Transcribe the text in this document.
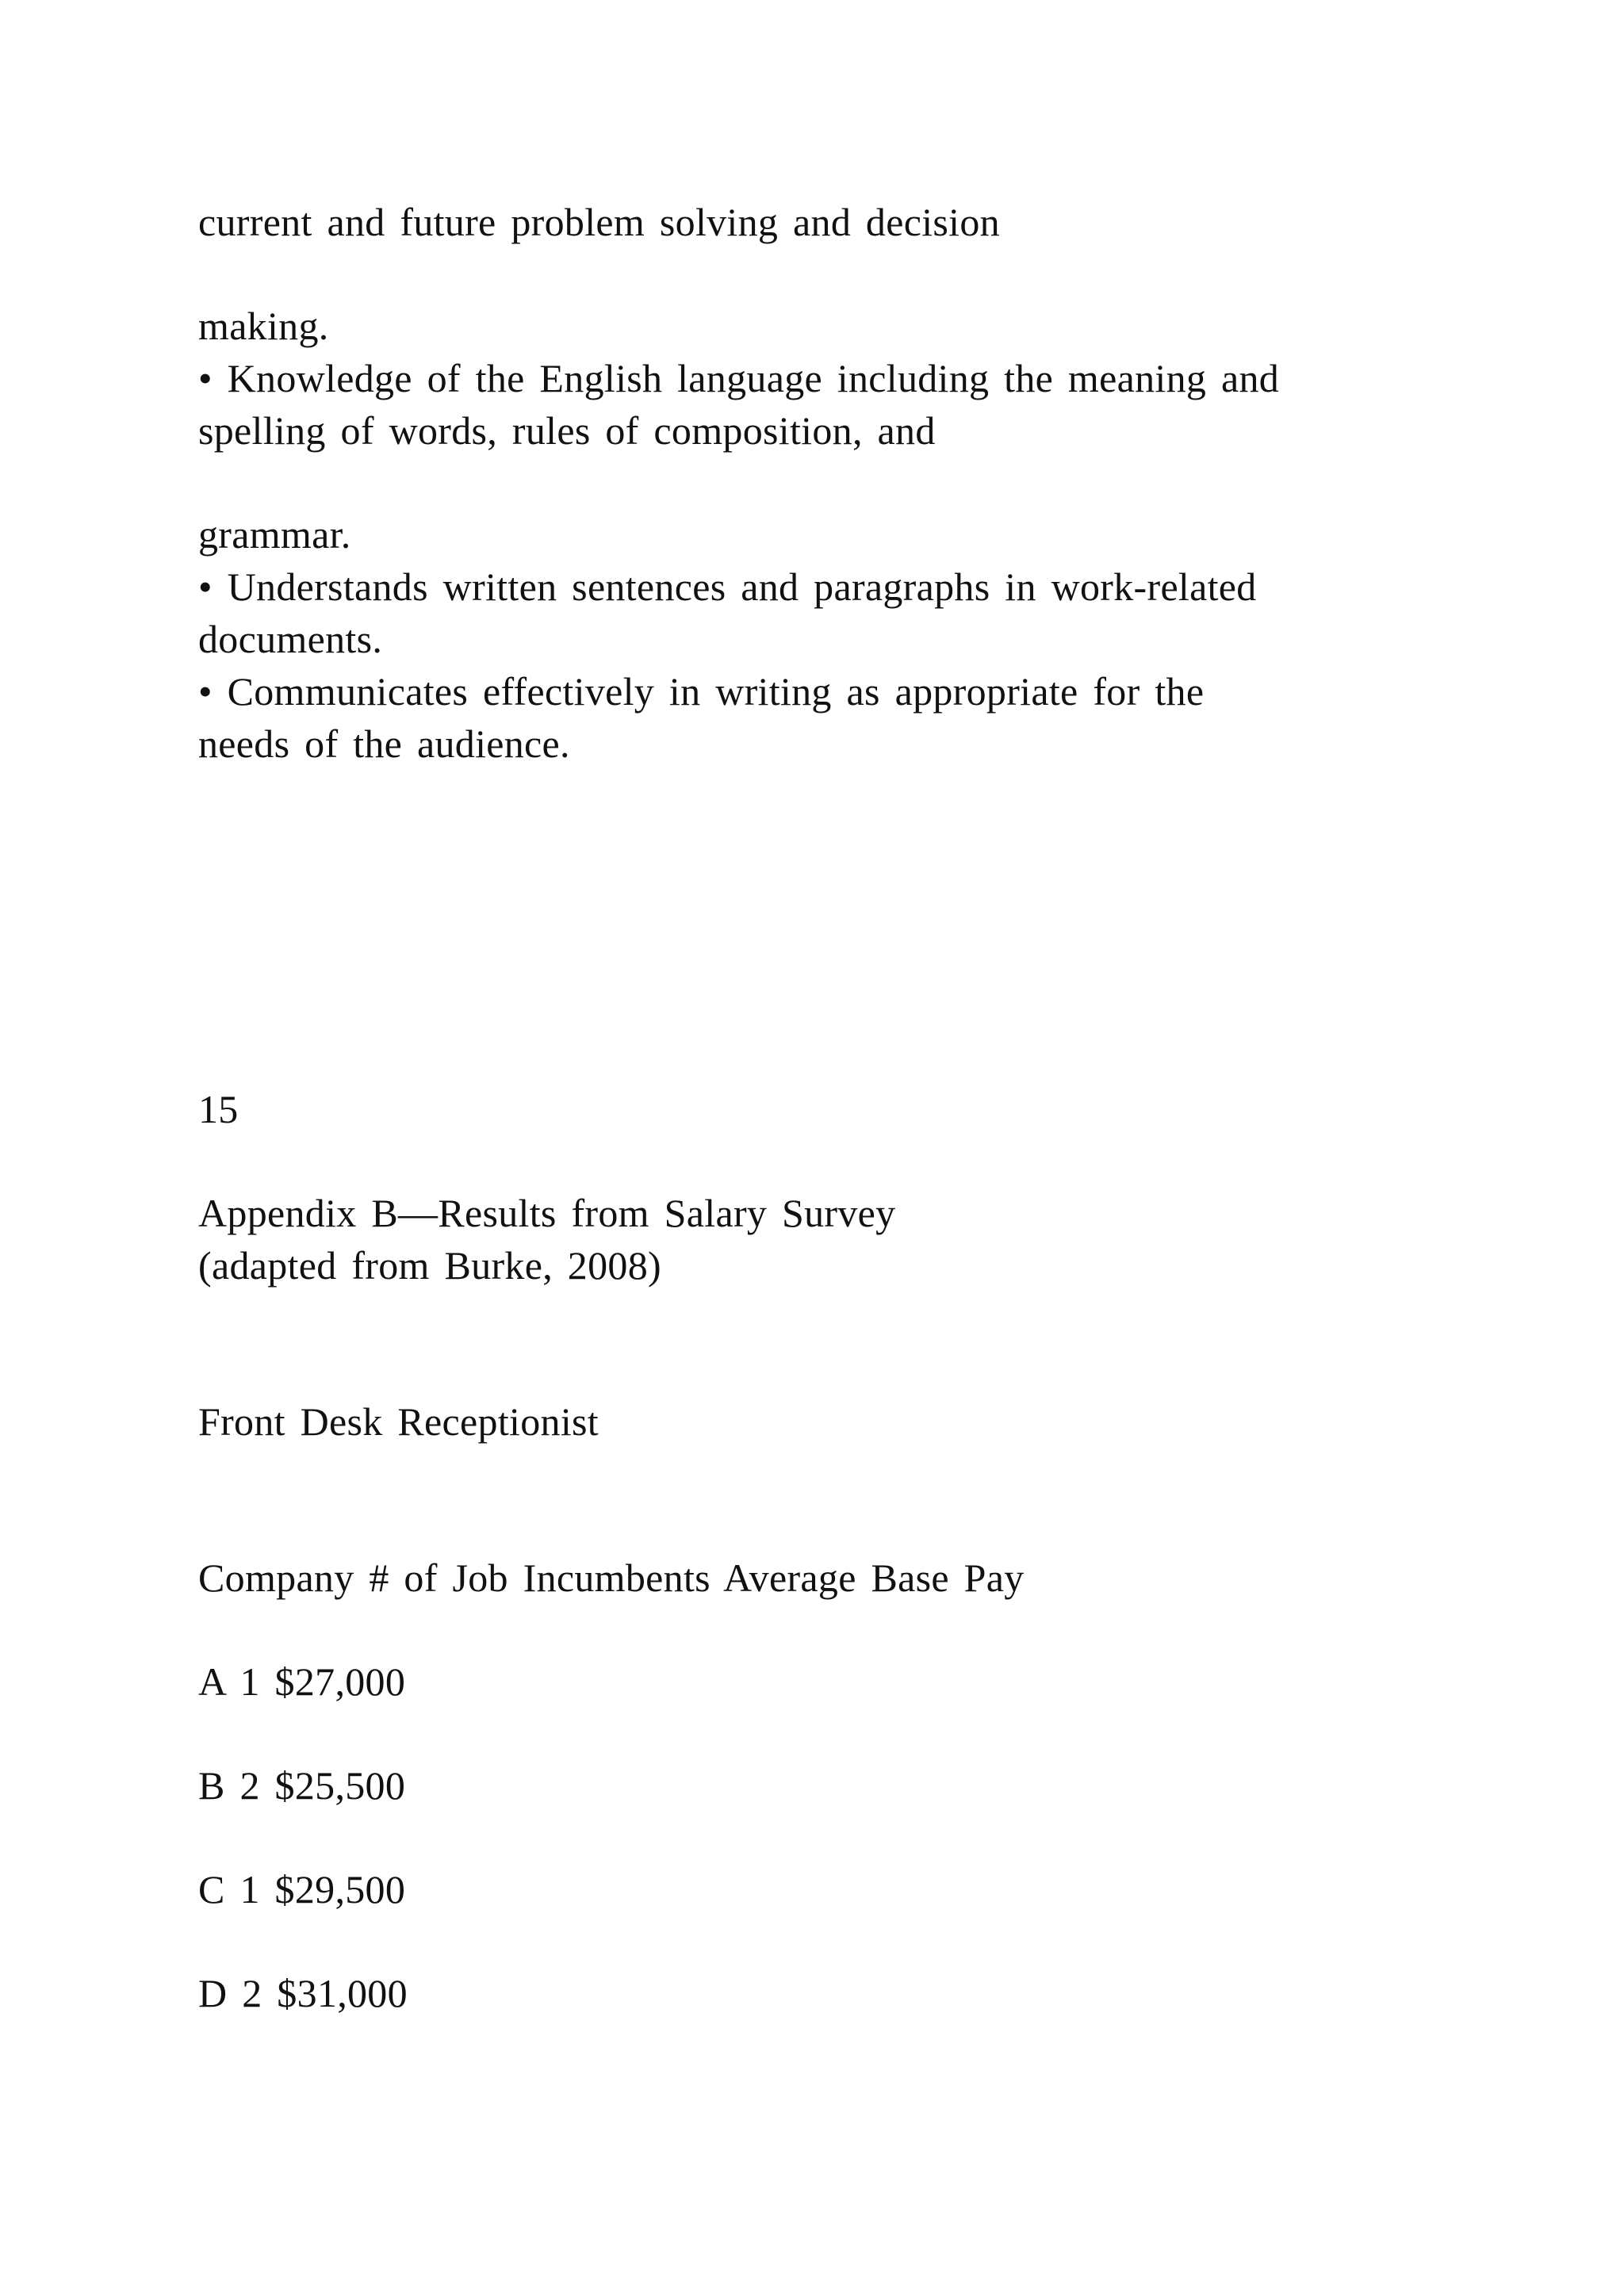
current and future problem solving and decision

making.

• Knowledge of the English language including the meaning and

spelling of words, rules of composition, and

grammar.

• Understands written sentences and paragraphs in work-related

documents.

• Communicates effectively in writing as appropriate for the

needs of the audience.

15

Appendix B—Results from Salary Survey

(adapted from Burke, 2008)

Front Desk Receptionist

Company # of Job Incumbents Average Base Pay

A 1 $27,000

B 2 $25,500

C 1 $29,500

D 2 $31,000
